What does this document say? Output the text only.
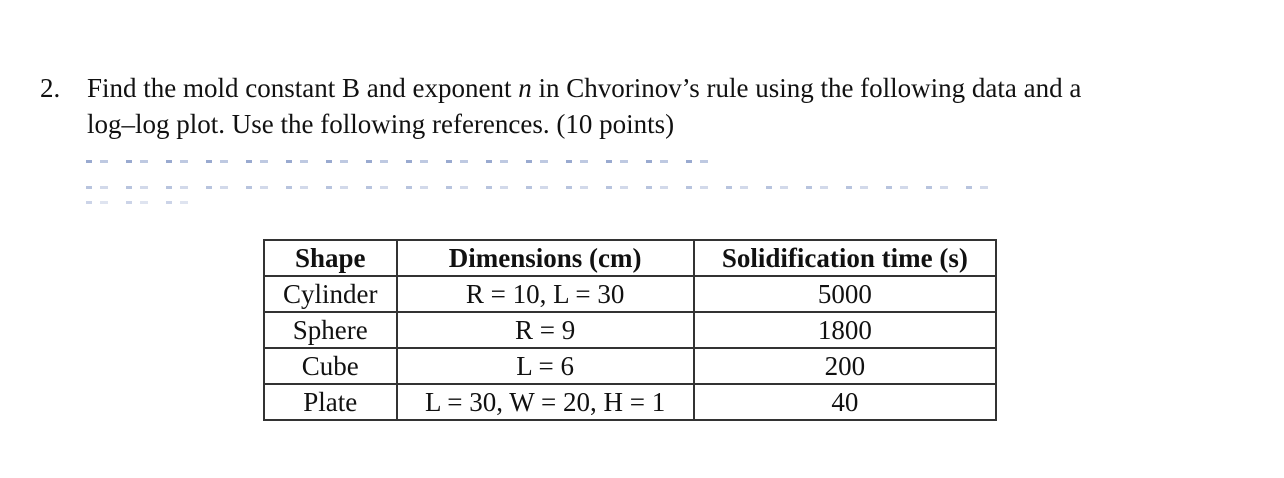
2. Find the mold constant B and exponent n in Chvorinov’s rule using the following data and a
log–log plot. Use the following references. (10 points)
Shape	Dimensions (cm)	Solidification time (s)
Cylinder	R = 10, L = 30	5000
Sphere	R = 9	1800
Cube	L = 6	200
Plate	L = 30, W = 20, H = 1	40
